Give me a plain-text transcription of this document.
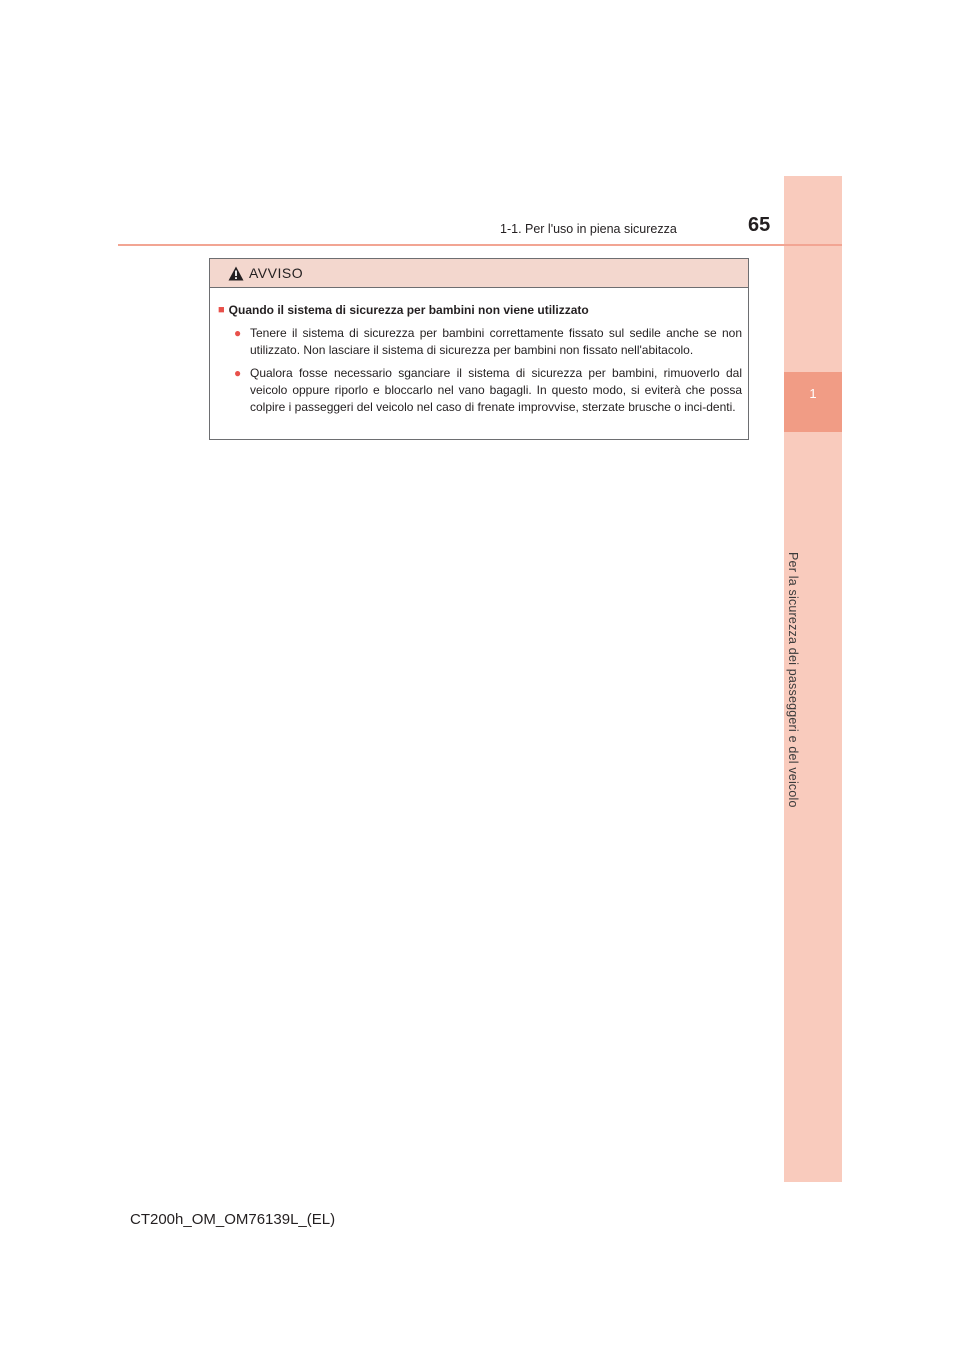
1
Per la sicurezza dei passeggeri e del veicolo
1-1. Per l'uso in piena sicurezza	65
AVVISO
■ Quando il sistema di sicurezza per bambini non viene utilizzato
● Tenere il sistema di sicurezza per bambini correttamente fissato sul sedile anche se non utilizzato. Non lasciare il sistema di sicurezza per bambini non fissato nell'abitacolo.
● Qualora fosse necessario sganciare il sistema di sicurezza per bambini, rimuoverlo dal veicolo oppure riporlo e bloccarlo nel vano bagagli. In questo modo, si eviterà che possa colpire i passeggeri del veicolo nel caso di frenate improvvise, sterzate brusche o inci-denti.
CT200h_OM_OM76139L_(EL)
